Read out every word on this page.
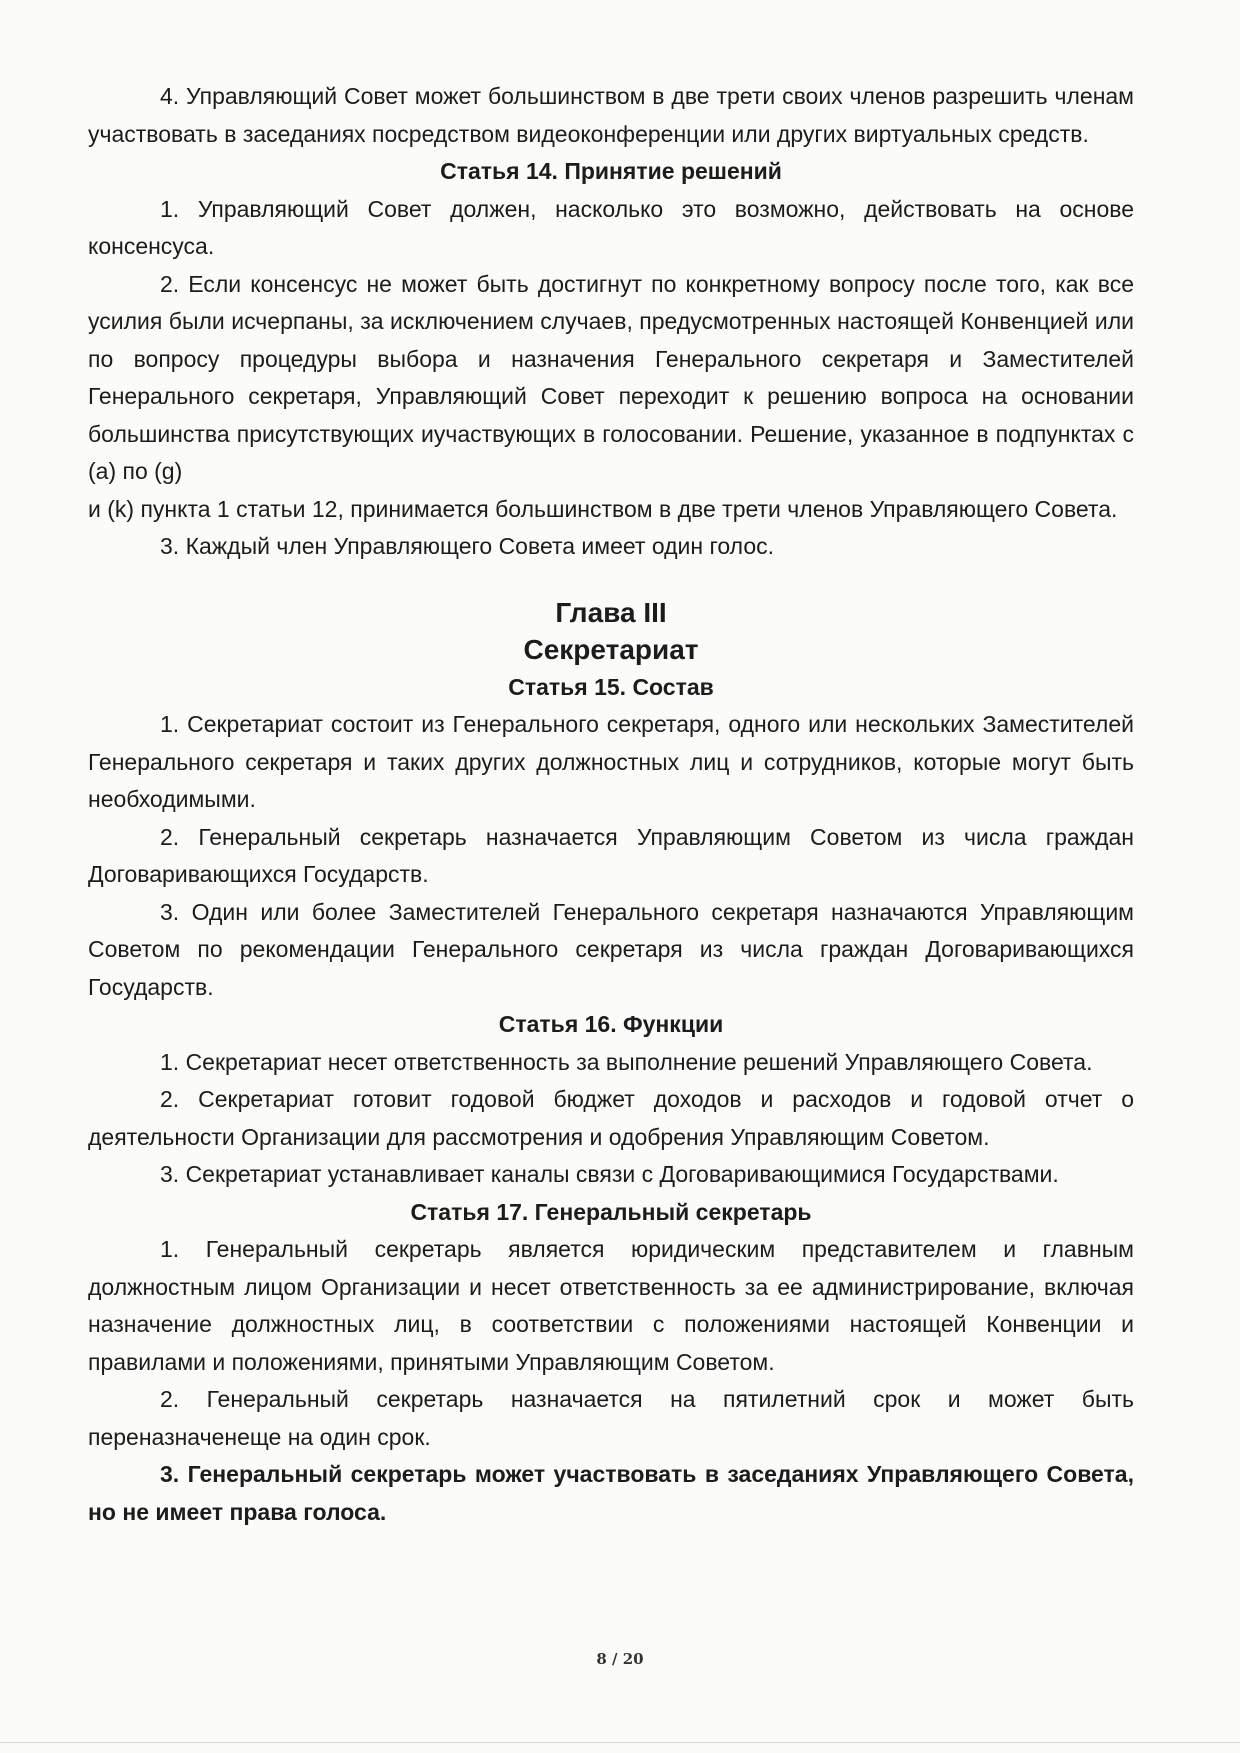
4. Управляющий Совет может большинством в две трети своих членов разрешить членам участвовать в заседаниях посредством видеоконференции или других виртуальных средств.

Статья 14. Принятие решений

1. Управляющий Совет должен, насколько это возможно, действовать на основе консенсуса.

2. Если консенсус не может быть достигнут по конкретному вопросу после того, как все усилия были исчерпаны, за исключением случаев, предусмотренных настоящей Конвенцией или по вопросу процедуры выбора и назначения Генерального секретаря и Заместителей Генерального секретаря, Управляющий Совет переходит к решению вопроса на основании большинства присутствующих иучаствующих в голосовании. Решение, указанное в подпунктах с (a) по (g)

и (k) пункта 1 статьи 12, принимается большинством в две трети членов Управляющего Совета.

3. Каждый член Управляющего Совета имеет один голос.

Глава III

Секретариат

Статья 15. Состав

1. Секретариат состоит из Генерального секретаря, одного или нескольких Заместителей Генерального секретаря и таких других должностных лиц и сотрудников, которые могут быть необходимыми.

2. Генеральный секретарь назначается Управляющим Советом из числа граждан Договаривающихся Государств.

3. Один или более Заместителей Генерального секретаря назначаются Управляющим Советом по рекомендации Генерального секретаря из числа граждан Договаривающихся Государств.

Статья 16. Функции

1. Секретариат несет ответственность за выполнение решений Управляющего Совета.

2. Секретариат готовит годовой бюджет доходов и расходов и годовой отчет о деятельности Организации для рассмотрения и одобрения Управляющим Советом.

3. Секретариат устанавливает каналы связи с Договаривающимися Государствами.

Статья 17. Генеральный секретарь

1. Генеральный секретарь является юридическим представителем и главным должностным лицом Организации и несет ответственность за ее администрирование, включая назначение должностных лиц, в соответствии с положениями настоящей Конвенции и правилами и положениями, принятыми Управляющим Советом.

2. Генеральный секретарь назначается на пятилетний срок и может быть переназначенеще на один срок.

3. Генеральный секретарь может участвовать в заседаниях Управляющего Совета, но не имеет права голоса.

8 / 20
